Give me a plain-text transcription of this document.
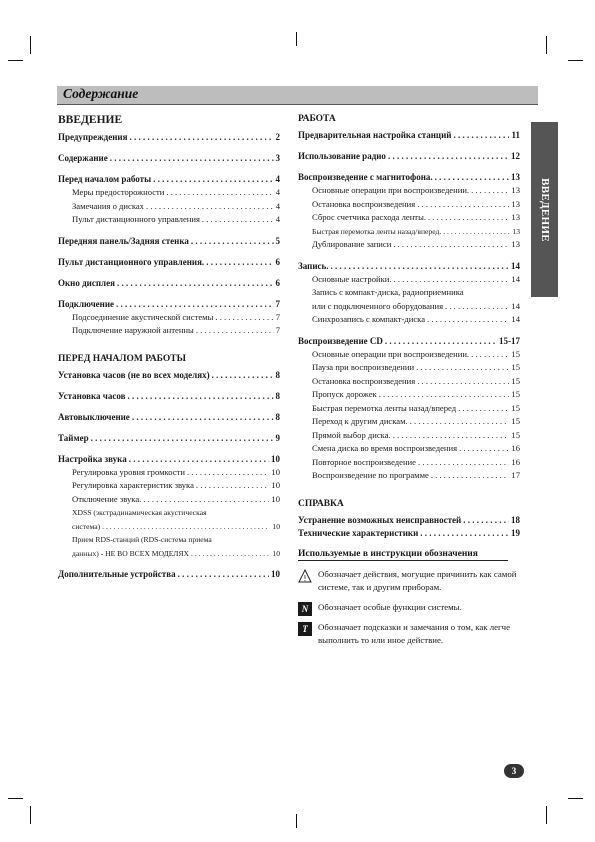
Содержание
ВВЕДЕНИЕ
ВВЕДЕНИЕ
Предупреждения . . .	2
Содержание . . .	3
Перед началом работы . . .	4
Меры предосторожности . . .	4
Замечания о дисках . . .	4
Пульт дистанционного управления . . .	4
Передняя панель/Задняя стенка . . .	5
Пульт дистанционного управления. . . .	6
Окно дисплея . . .	6
Подключение . . .	7
Подсоединение акустической системы . . .	7
Подключение наружной антенны . . .	7
ПЕРЕД НАЧАЛОМ РАБОТЫ
Установка часов (не во всех моделях) . . .	8
Установка часов . . .	8
Автовыключение . . .	8
Таймер . . .	9
Настройка звука . . .	10
Регулировка уровня громкости . . .	10
Регулировка характеристик звука . . .	10
Отключение звука. . . .	10
XDSS (экстрадинамическая акустическая
система) . . .	10
Прием RDS-станций (RDS-система приема
данных) - НЕ ВО ВСЕХ МОДЕЛЯХ . . .	10
Дополнительные устройства . . .	10
РАБОТА
Предварительная настройка станций . . .	11
Использование радио . . .	12
Воспроизведение с магнитофона. . . .	13
Основные операции при воспроизведении. . . .	13
Остановка воспроизведения . . .	13
Сброс счетчика расхода ленты. . . .	13
Быстрая перемотка ленты назад/вперед. . . .	13
Дублирование записи . . .	13
Запись. . . .	14
Основные настройки. . . .	14
Запись с компакт-диска, радиоприемника
или с подключенного оборудования . . .	14
Синхрозапись с компакт-диска . . .	14
Воспроизведение CD . . .	15-17
Основные операции при воспроизведении. . . .	15
Пауза при воспроизведении . . .	15
Остановка воспроизведения . . .	15
Пропуск дорожек . . .	15
Быстрая перемотка ленты назад/вперед . . .	15
Переход к другим дискам. . . .	15
Прямой выбор диска. . . .	15
Смена диска во время воспроизведения . . .	16
Повторное воспроизведение . . .	16
Воспроизведение по программе . . .	17
СПРАВКА
Устранение возможных неисправностей . . .	18
Технические характеристики . . .	19
Используемые в инструкции обозначения
! Обозначает действия, могущие причинить как самой системе, так и другим приборам.
N	Обозначает особые функции системы.
T	Обозначает подсказки и замечания о том, как легче выполнить то или иное действие.
3
